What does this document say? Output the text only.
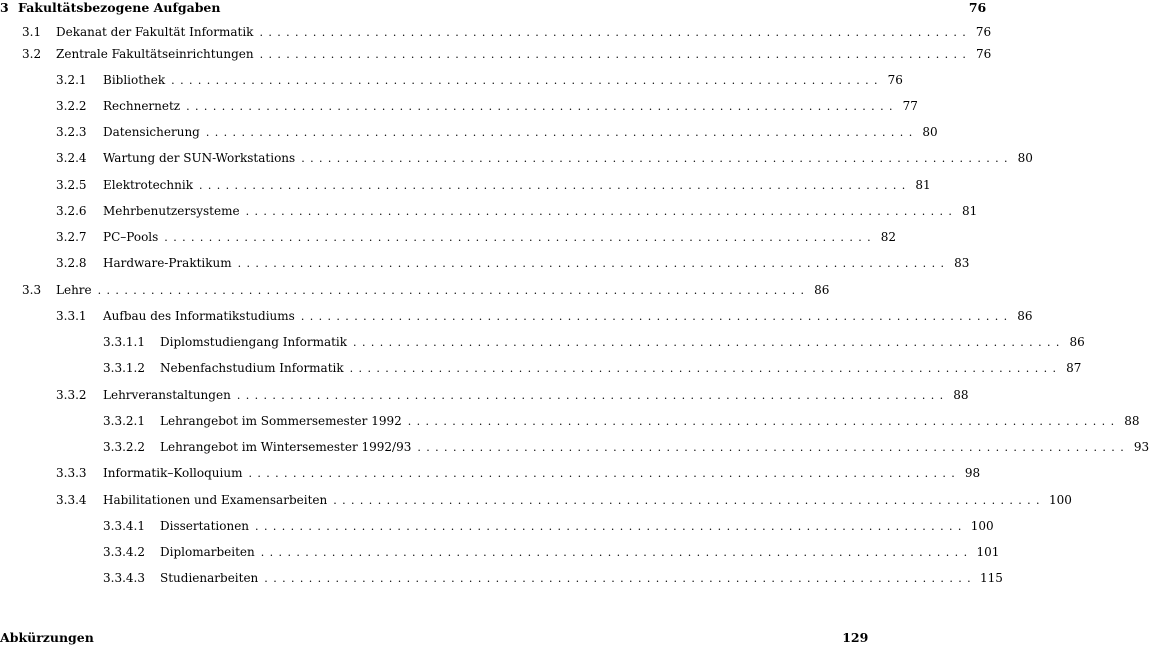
3 Fakultätsbezogene Aufgaben	76
3.1	Dekanat der Fakultät Informatik ................................................................................ 76
3.2	Zentrale Fakultätseinrichtungen ................................................................................ 76
3.2.1	Bibliothek ................................................................................ 76
3.2.2	Rechnernetz ................................................................................ 77
3.2.3	Datensicherung ................................................................................ 80
3.2.4	Wartung der SUN-Workstations ................................................................................ 80
3.2.5	Elektrotechnik ................................................................................ 81
3.2.6	Mehrbenutzersysteme ................................................................................ 81
3.2.7	PC–Pools ................................................................................ 82
3.2.8	Hardware-Praktikum ................................................................................ 83
3.3	Lehre ................................................................................ 86
3.3.1	Aufbau des Informatikstudiums ................................................................................ 86
3.3.1.1	Diplomstudiengang Informatik ................................................................................ 86
3.3.1.2	Nebenfachstudium Informatik ................................................................................ 87
3.3.2	Lehrveranstaltungen ................................................................................ 88
3.3.2.1	Lehrangebot im Sommersemester 1992 ................................................................................ 88
3.3.2.2	Lehrangebot im Wintersemester 1992/93 ................................................................................ 93
3.3.3	Informatik–Kolloquium ................................................................................ 98
3.3.4	Habilitationen und Examensarbeiten ................................................................................ 100
3.3.4.1	Dissertationen ................................................................................ 100
3.3.4.2	Diplomarbeiten ................................................................................ 101
3.3.4.3	Studienarbeiten ................................................................................ 115
Abkürzungen	129
